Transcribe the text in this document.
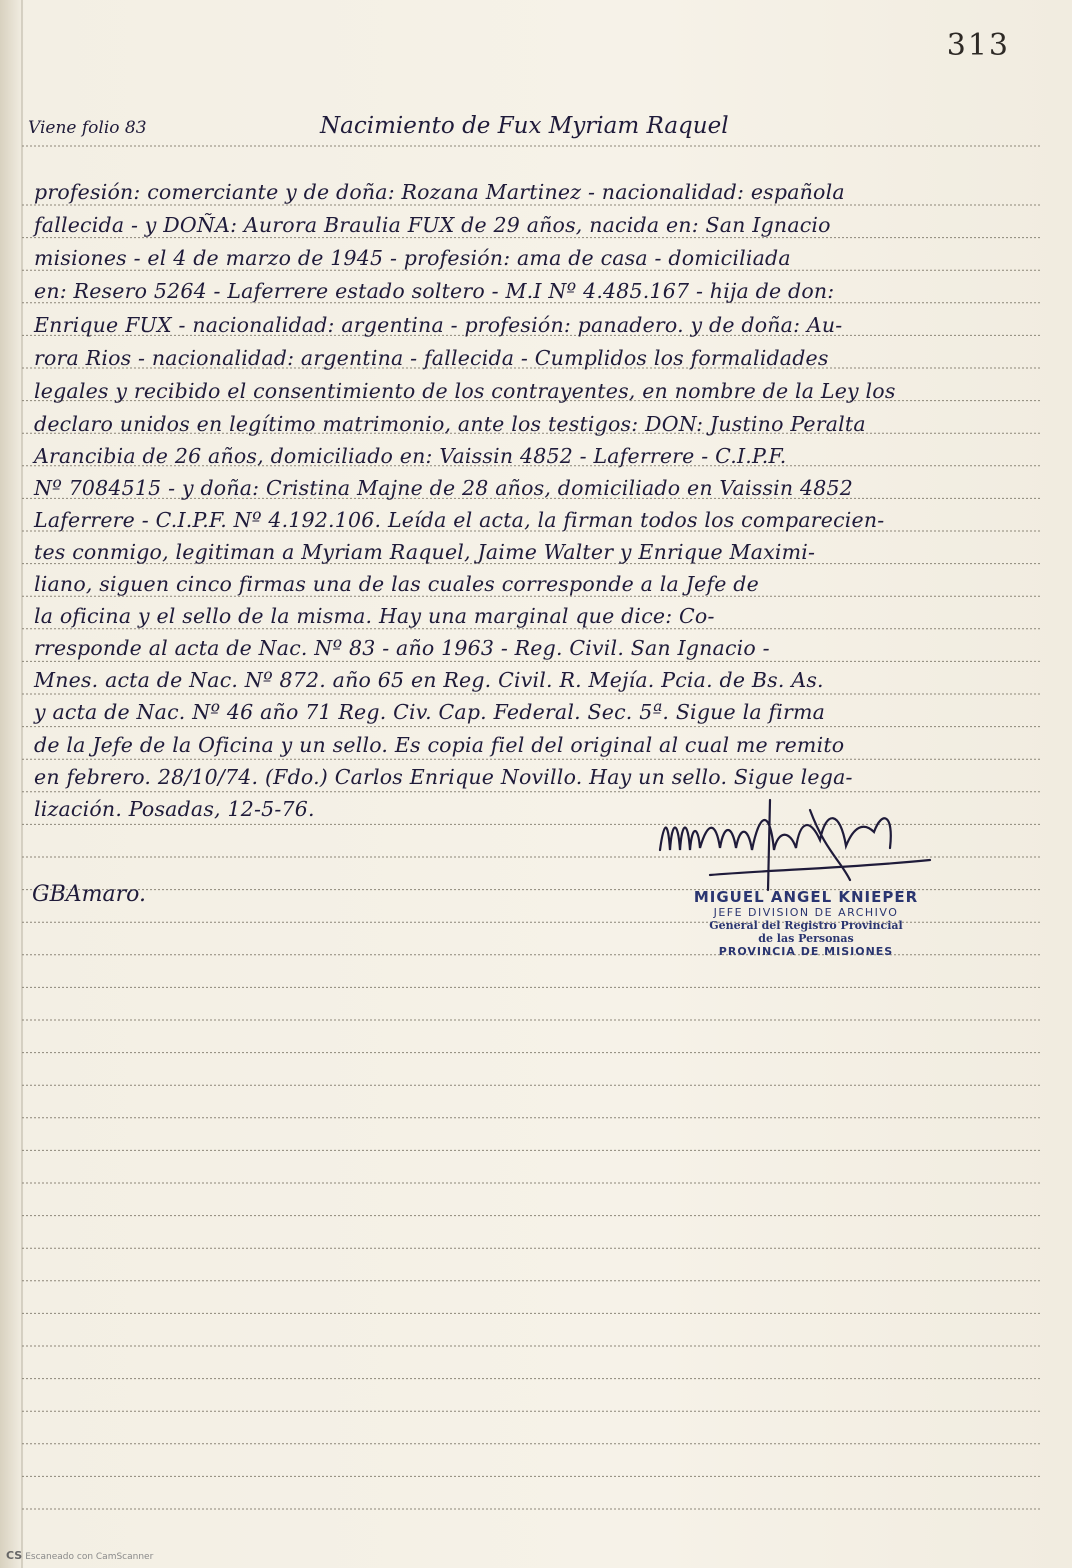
313
Viene folio 83	Nacimiento de Fux Myriam Raquel
profesión: comerciante y de doña: Rozana Martinez - nacionalidad: española
fallecida - y DOÑA: Aurora Braulia FUX de 29 años, nacida en: San Ignacio
misiones - el 4 de marzo de 1945 - profesión: ama de casa - domiciliada
en: Resero 5264 - Laferrere estado soltero - M.I Nº 4.485.167 - hija de don:
Enrique FUX - nacionalidad: argentina - profesión: panadero. y de doña: Au-
rora Rios - nacionalidad: argentina - fallecida - Cumplidos los formalidades
legales y recibido el consentimiento de los contrayentes, en nombre de la Ley los
declaro unidos en legítimo matrimonio, ante los testigos: DON: Justino Peralta
Arancibia de 26 años, domiciliado en: Vaissin 4852 - Laferrere - C.I.P.F.
Nº 7084515 - y doña: Cristina Majne de 28 años, domiciliado en Vaissin 4852
Laferrere - C.I.P.F. Nº 4.192.106. Leída el acta, la firman todos los comparecien-
tes conmigo, legitiman a Myriam Raquel, Jaime Walter y Enrique Maximi-
liano, siguen cinco firmas una de las cuales corresponde a la Jefe de
la oficina y el sello de la misma. Hay una marginal que dice: Co-
rresponde al acta de Nac. Nº 83 - año 1963 - Reg. Civil. San Ignacio -
Mnes. acta de Nac. Nº 872. año 65 en Reg. Civil. R. Mejía. Pcia. de Bs. As.
y acta de Nac. Nº 46 año 71 Reg. Civ. Cap. Federal. Sec. 5ª. Sigue la firma
de la Jefe de la Oficina y un sello. Es copia fiel del original al cual me remito
en febrero. 28/10/74. (Fdo.) Carlos Enrique Novillo. Hay un sello. Sigue lega-
lización. Posadas, 12-5-76.
MIGUEL ANGEL KNIEPER
JEFE DIVISION DE ARCHIVO
General del Registro Provincial
de las Personas
PROVINCIA DE MISIONES
GBAmaro.
CS Escaneado con CamScanner
